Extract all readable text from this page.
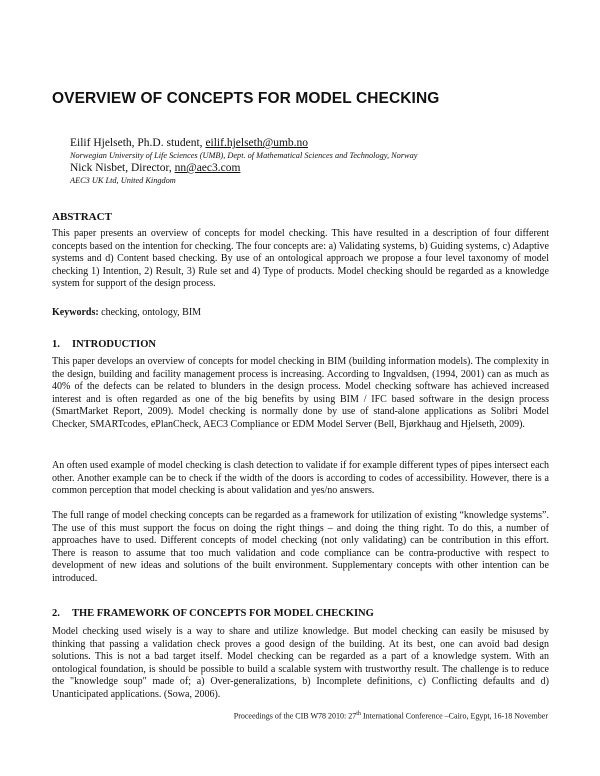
OVERVIEW OF CONCEPTS FOR MODEL CHECKING
Eilif Hjelseth, Ph.D. student, eilif.hjelseth@umb.no
Norwegian University of Life Sciences (UMB), Dept. of Mathematical Sciences and Technology, Norway
Nick Nisbet, Director, nn@aec3.com
AEC3 UK Ltd, United Kingdom
ABSTRACT
This paper presents an overview of concepts for model checking. This have resulted in a description of four different concepts based on the intention for checking. The four concepts are: a) Validating systems, b) Guiding systems, c) Adaptive systems and d) Content based checking. By use of an ontological approach we propose a four level taxonomy of model checking 1) Intention, 2) Result, 3) Rule set and 4) Type of products. Model checking should be regarded as a knowledge system for support of the design process.
Keywords: checking, ontology, BIM
1. INTRODUCTION
This paper develops an overview of concepts for model checking in BIM (building information models). The complexity in the design, building and facility management process is increasing. According to Ingvaldsen, (1994, 2001) can as much as 40% of the defects can be related to blunders in the design process. Model checking software has achieved increased interest and is often regarded as one of the big benefits by using BIM / IFC based software in the design process (SmartMarket Report, 2009). Model checking is normally done by use of stand-alone applications as Solibri Model Checker, SMARTcodes, ePlanCheck, AEC3 Compliance or EDM Model Server (Bell, Bjørkhaug and Hjelseth, 2009).
An often used example of model checking is clash detection to validate if for example different types of pipes intersect each other. Another example can be to check if the width of the doors is according to codes of accessibility. However, there is a common perception that model checking is about validation and yes/no answers.
The full range of model checking concepts can be regarded as a framework for utilization of existing “knowledge systems”. The use of this must support the focus on doing the right things – and doing the thing right. To do this, a number of approaches have to used. Different concepts of model checking (not only validating) can be contribution in this effort. There is reason to assume that too much validation and code compliance can be contra-productive with respect to development of new ideas and solutions of the built environment. Supplementary concepts with other intention can be introduced.
2. THE FRAMEWORK OF CONCEPTS FOR MODEL CHECKING
Model checking used wisely is a way to share and utilize knowledge. But model checking can easily be misused by thinking that passing a validation check proves a good design of the building. At its best, one can avoid bad design solutions. This is not a bad target itself. Model checking can be regarded as a part of a knowledge system. With an ontological foundation, is should be possible to build a scalable system with trustworthy result. The challenge is to reduce the "knowledge soup" made of; a) Over-generalizations, b) Incomplete definitions, c) Conflicting defaults and d) Unanticipated applications. (Sowa, 2006).
Proceedings of the CIB W78 2010: 27th International Conference –Cairo, Egypt, 16-18 November
